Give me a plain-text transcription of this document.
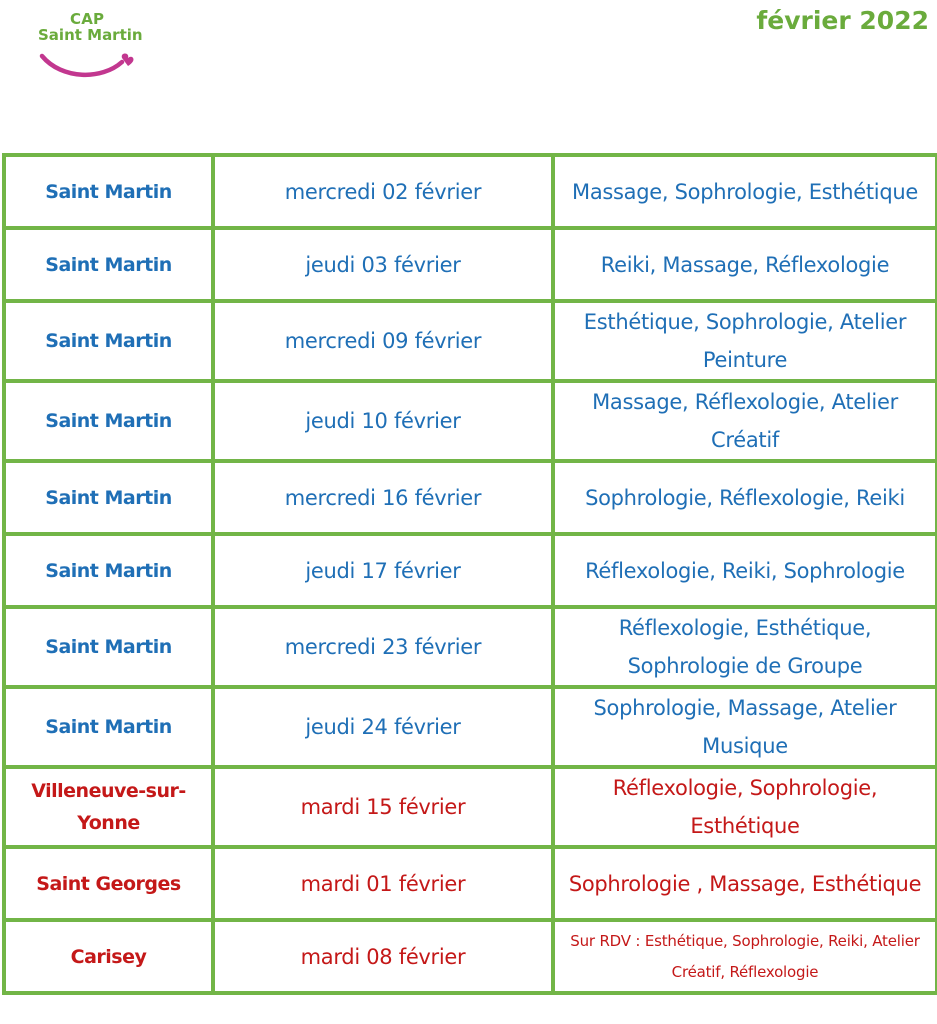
CAP
Saint Martin	février 2022
Saint Martin	mercredi 02 février	Massage, Sophrologie, Esthétique
Saint Martin	jeudi 03 février	Reiki, Massage, Réflexologie
Saint Martin	mercredi 09 février	Esthétique, Sophrologie, Atelier Peinture
Saint Martin	jeudi 10 février	Massage, Réflexologie, Atelier Créatif
Saint Martin	mercredi 16 février	Sophrologie, Réflexologie, Reiki
Saint Martin	jeudi 17 février	Réflexologie, Reiki, Sophrologie
Saint Martin	mercredi 23 février	Réflexologie, Esthétique, Sophrologie de Groupe
Saint Martin	jeudi 24 février	Sophrologie, Massage, Atelier Musique
Villeneuve-sur-Yonne	mardi 15 février	Réflexologie, Sophrologie, Esthétique
Saint Georges	mardi 01 février	Sophrologie , Massage, Esthétique
Carisey	mardi 08 février	Sur RDV : Esthétique, Sophrologie, Reiki, Atelier Créatif, Réflexologie
